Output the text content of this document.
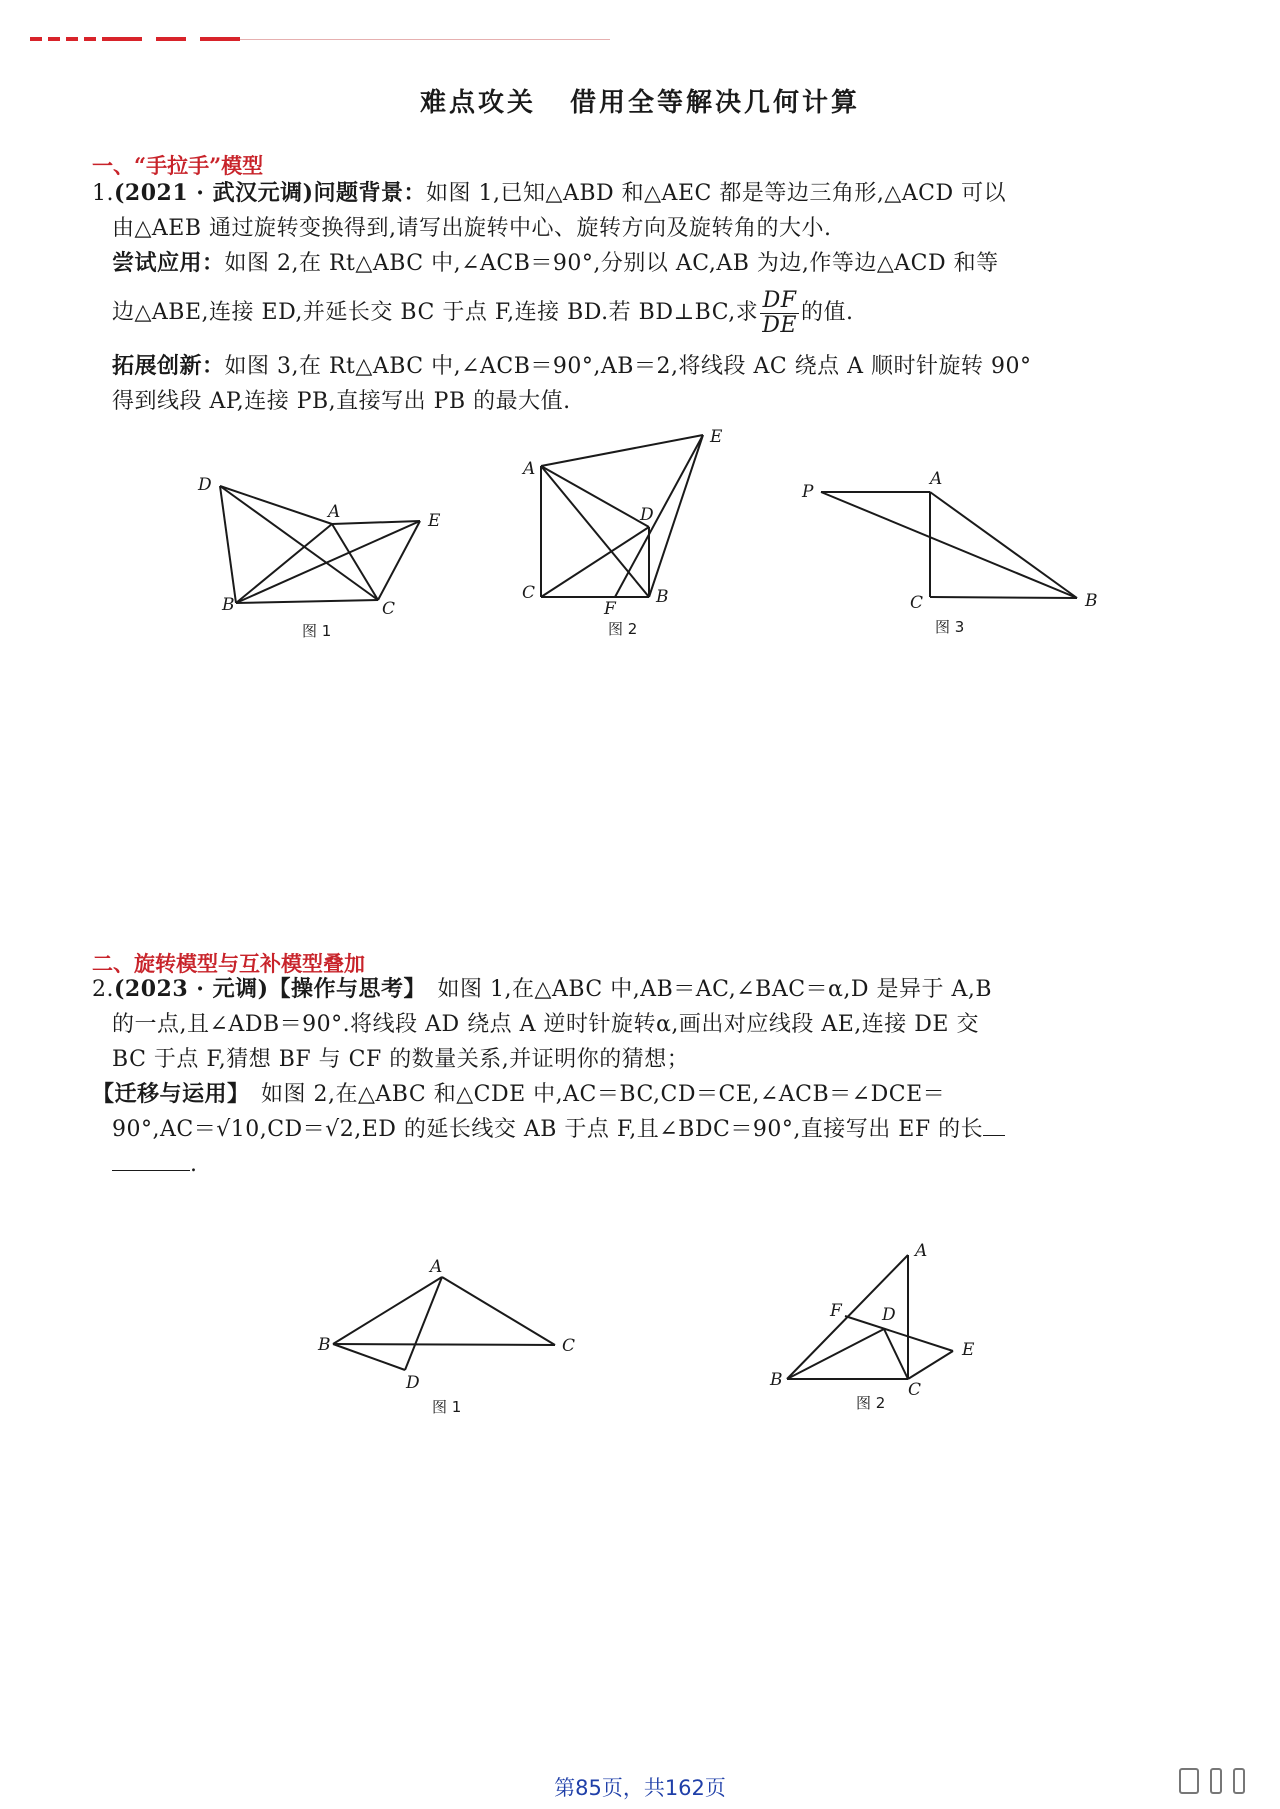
难点攻关 借用全等解决几何计算
一、“手拉手”模型

1.(2021 · 武汉元调)问题背景：如图 1,已知△ABD 和△AEC 都是等边三角形,△ACD 可以

由△AEB 通过旋转变换得到,请写出旋转中心、旋转方向及旋转角的大小.

尝试应用：如图 2,在 Rt△ABC 中,∠ACB＝90°,分别以 AC,AB 为边,作等边△ACD 和等

边△ABE,连接 ED,并延长交 BC 于点 F,连接 BD.若 BD⊥BC,求 $\frac{DF}{DE}$ 的值.

拓展创新：如图 3,在 Rt△ABC 中,∠ACB＝90°,AB＝2,将线段 AC 绕点 A 顺时针旋转 90°

得到线段 AP,连接 PB,直接写出 PB 的最大值.

D
A	E
B	C
图 1
A
E
D
C
F
B
图 2
P
A
C	B
图 3
二、旋转模型与互补模型叠加

2.(2023 · 元调)【操作与思考】　如图 1,在△ABC 中,AB＝AC,∠BAC＝α,D 是异于 A,B

的一点,且∠ADB＝90°.将线段 AD 绕点 A 逆时针旋转α,画出对应线段 AE,连接 DE 交

BC 于点 F,猜想 BF 与 CF 的数量关系,并证明你的猜想；

【迁移与运用】　如图 2,在△ABC 和△CDE 中,AC＝BC,CD＝CE,∠ACB＝∠DCE＝

90°,AC＝√10,CD＝√2,ED 的延长线交 AB 于点 F,且∠BDC＝90°,直接写出 EF 的长

.

A
B	C
D
图 1
A
F D
E
B	C
图 2
第85页，共162页
